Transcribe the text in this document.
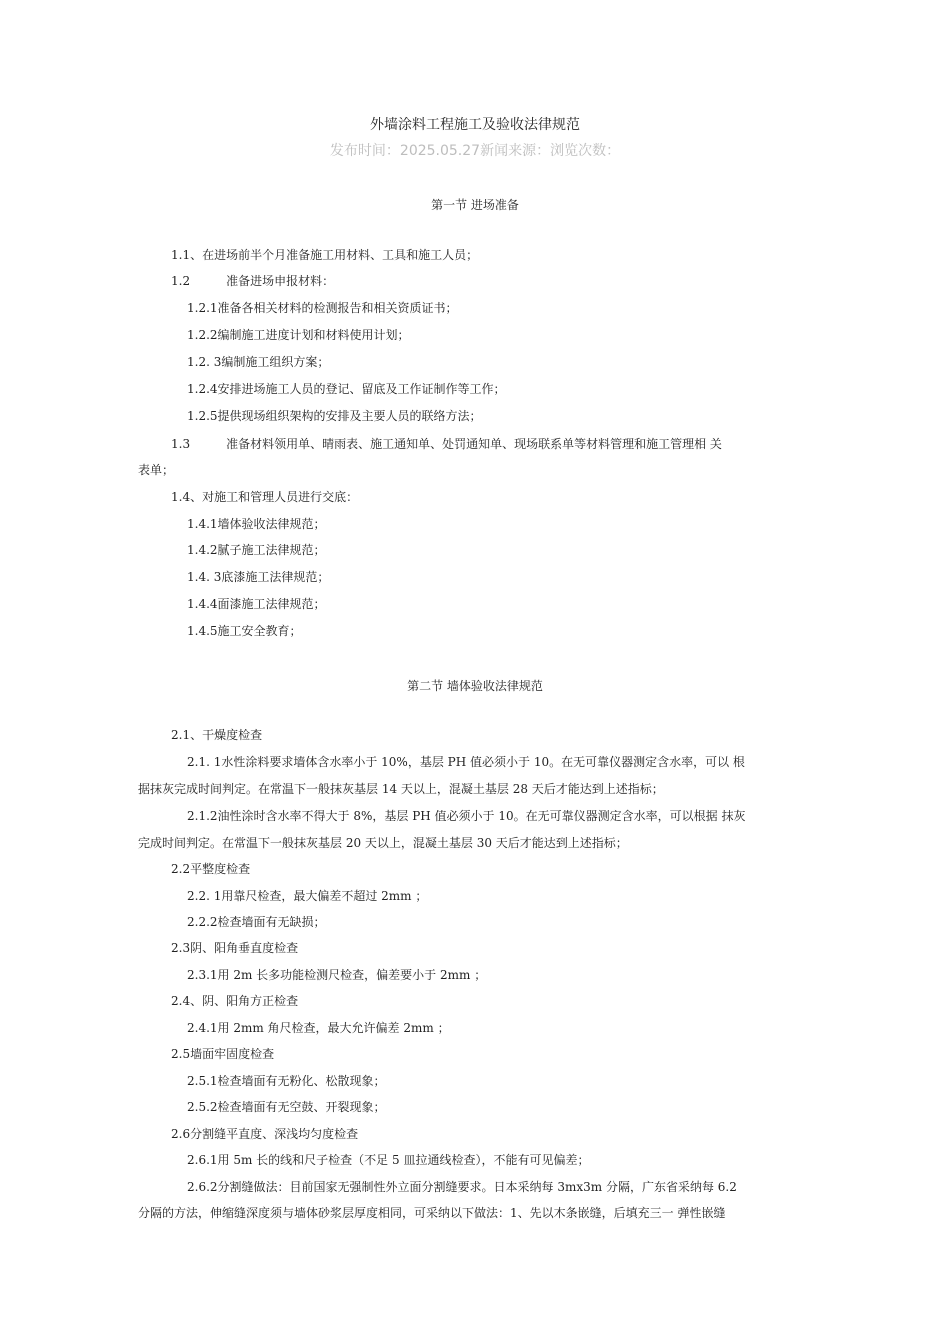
外墙涂料工程施工及验收法律规范
发布时间：2025.05.27新闻来源：浏览次数：
第一节 进场准备
1.1、在进场前半个月准备施工用材料、工具和施工人员；
1.2	准备进场申报材料：
1.2.1准备各相关材料的检测报告和相关资质证书；
1.2.2编制施工进度计划和材料使用计划；
1.2. 3编制施工组织方案；
1.2.4安排进场施工人员的登记、留底及工作证制作等工作；
1.2.5提供现场组织架构的安排及主要人员的联络方法；
1.3	准备材料领用单、晴雨表、施工通知单、处罚通知单、现场联系单等材料管理和施工管理相 关
表单；
1.4、对施工和管理人员进行交底：
1.4.1墙体验收法律规范；
1.4.2腻子施工法律规范；
1.4. 3底漆施工法律规范；
1.4.4面漆施工法律规范；
1.4.5施工安全教育；
第二节 墙体验收法律规范
2.1、干燥度检查
2.1. 1水性涂料要求墙体含水率小于 10%，基层 PH 值必须小于 10。在无可靠仪器测定含水率，可以 根
据抹灰完成时间判定。在常温下一般抹灰基层 14 天以上，混凝土基层 28 天后才能达到上述指标；
2.1.2油性涂时含水率不得大于 8%，基层 PH 值必须小于 10。在无可靠仪器测定含水率，可以根据 抹灰
完成时间判定。在常温下一般抹灰基层 20 天以上，混凝土基层 30 天后才能达到上述指标；
2.2平整度检查
2.2. 1用靠尺检查，最大偏差不超过 2mm ；
2.2.2检查墙面有无缺损；
2.3阴、阳角垂直度检查
2.3.1用 2m 长多功能检测尺检查，偏差要小于 2mm ；
2.4、阴、阳角方正检查
2.4.1用 2mm 角尺检查，最大允许偏差 2mm ；
2.5墙面牢固度检查
2.5.1检查墙面有无粉化、松散现象；
2.5.2检查墙面有无空鼓、开裂现象；
2.6分割缝平直度、深浅均匀度检查
2.6.1用 5m 长的线和尺子检查（不足 5 皿拉通线检查），不能有可见偏差；
2.6.2分割缝做法：目前国家无强制性外立面分割缝要求。日本采纳每 3mx3m 分隔，广东省采纳每 6.2
分隔的方法，伸缩缝深度须与墙体砂浆层厚度相同，可采纳以下做法：1、先以木条嵌缝，后填充三一 弹性嵌缝
